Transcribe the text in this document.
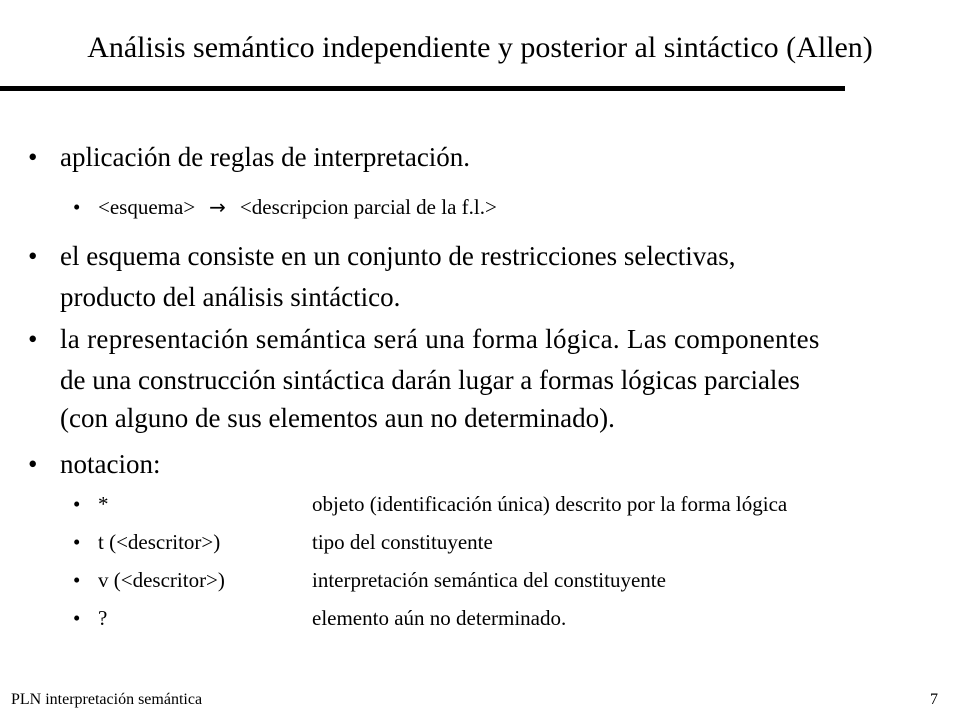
Análisis semántico independiente y posterior al sintáctico (Allen)
• aplicación de reglas de interpretación.
• <esquema> → <descripcion parcial de la f.l.>
• el esquema consiste en un conjunto de restricciones selectivas,
producto del análisis sintáctico.
• la representación semántica será una forma lógica. Las componentes
de una construcción sintáctica darán lugar a formas lógicas parciales
(con alguno de sus elementos aun no determinado).
• notacion:
• *	objeto (identificación única) descrito por la forma lógica
• t (<descritor>)	tipo del constituyente
• v (<descritor>)	interpretación semántica del constituyente
• ?	elemento aún no determinado.
PLN interpretación semántica	7
